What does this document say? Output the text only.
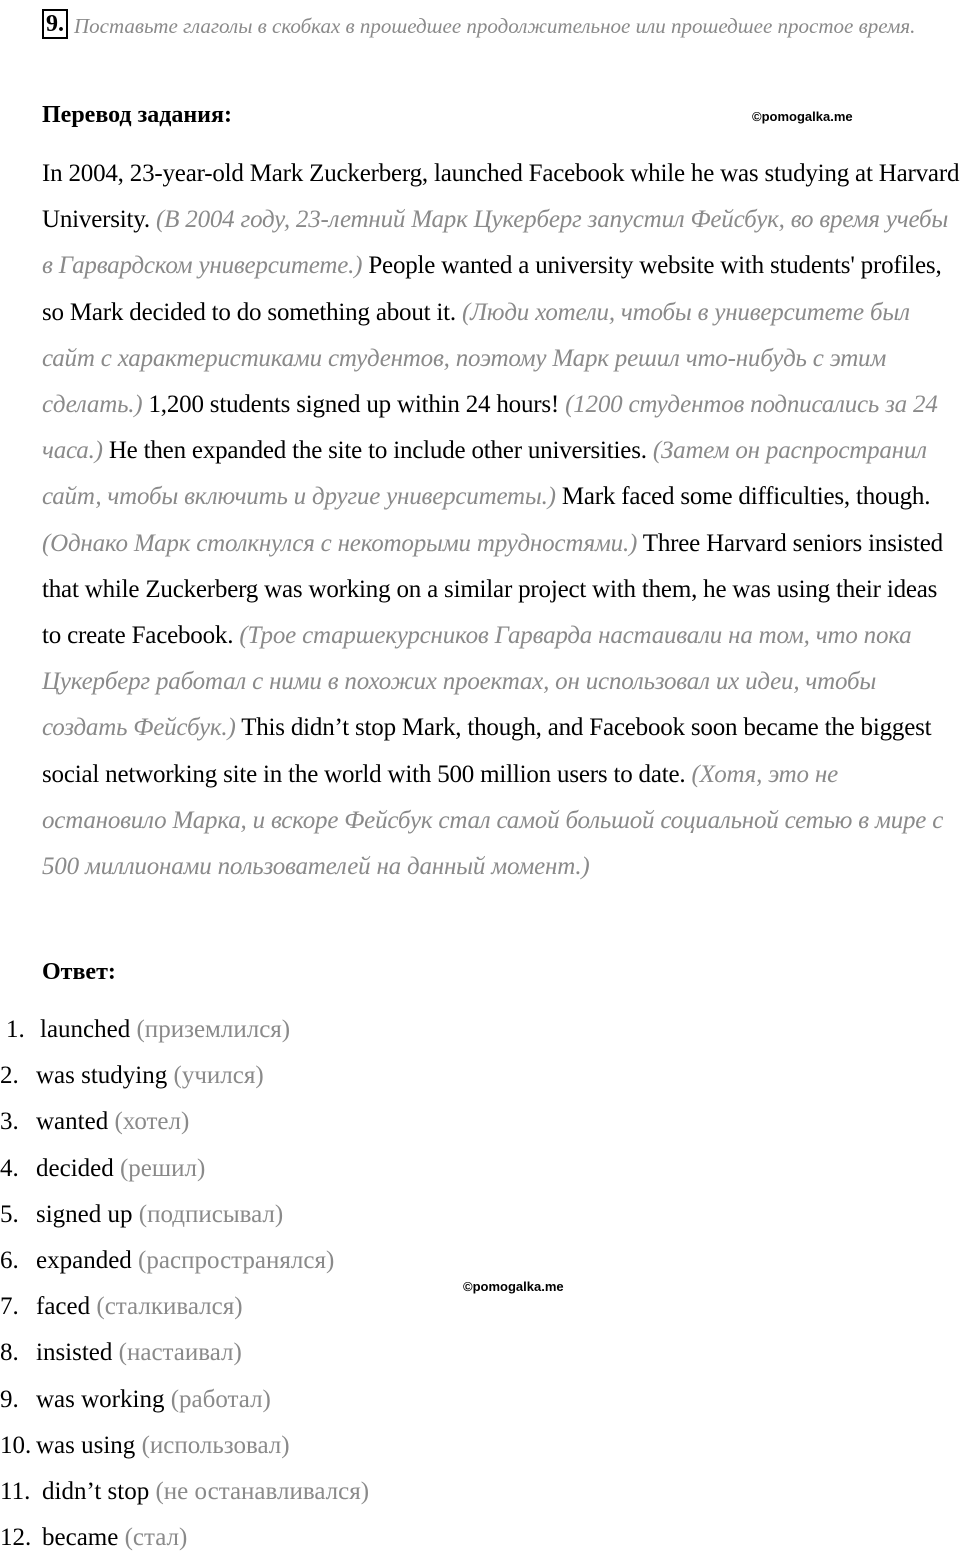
9. Поставьте глаголы в скобках в прошедшее продолжительное или прошедшее простое время.
Перевод задания:	©pomogalka.me
©pomogalka.me

In 2004, 23-year-old Mark Zuckerberg, launched Facebook while he was studying at Harvard University. (В 2004 году, 23-летний Марк Цукерберг запустил Фейсбук, во время учебы в Гарвардском университете.) People wanted a university website with students' profiles, so Mark decided to do something about it. (Люди хотели, чтобы в университете был сайт с характеристиками студентов, поэтому Марк решил что-нибудь с этим сделать.) 1,200 students signed up within 24 hours! (1200 студентов подписались за 24 часа.) He then expanded the site to include other universities. (Затем он распространил сайт, чтобы включить и другие университеты.) Mark faced some difficulties, though. (Однако Марк столкнулся с некоторыми трудностями.) Three Harvard seniors insisted that while Zuckerberg was working on a similar project with them, he was using their ideas to create Facebook. (Трое старшекурсников Гарварда настаивали на том, что пока Цукерберг работал с ними в похожих проектах, он использовал их идеи, чтобы создать Фейсбук.) This didn’t stop Mark, though, and Facebook soon became the biggest social networking site in the world with 500 million users to date. (Хотя, это не остановило Марка, и вскоре Фейсбук стал самой большой социальной сетью в мире с 500 миллионами пользователей на данный момент.)

Ответ:
1. launched (приземлился)
2. was studying (учился)
3. wanted (хотел)
4. decided (решил)
5. signed up (подписывал)
6. expanded (распространялся)
7. faced (сталкивался)
8. insisted (настаивал)
9. was working (работал)
10. was using (использовал)
11. didn’t stop (не останавливался)
12. became (стал)
